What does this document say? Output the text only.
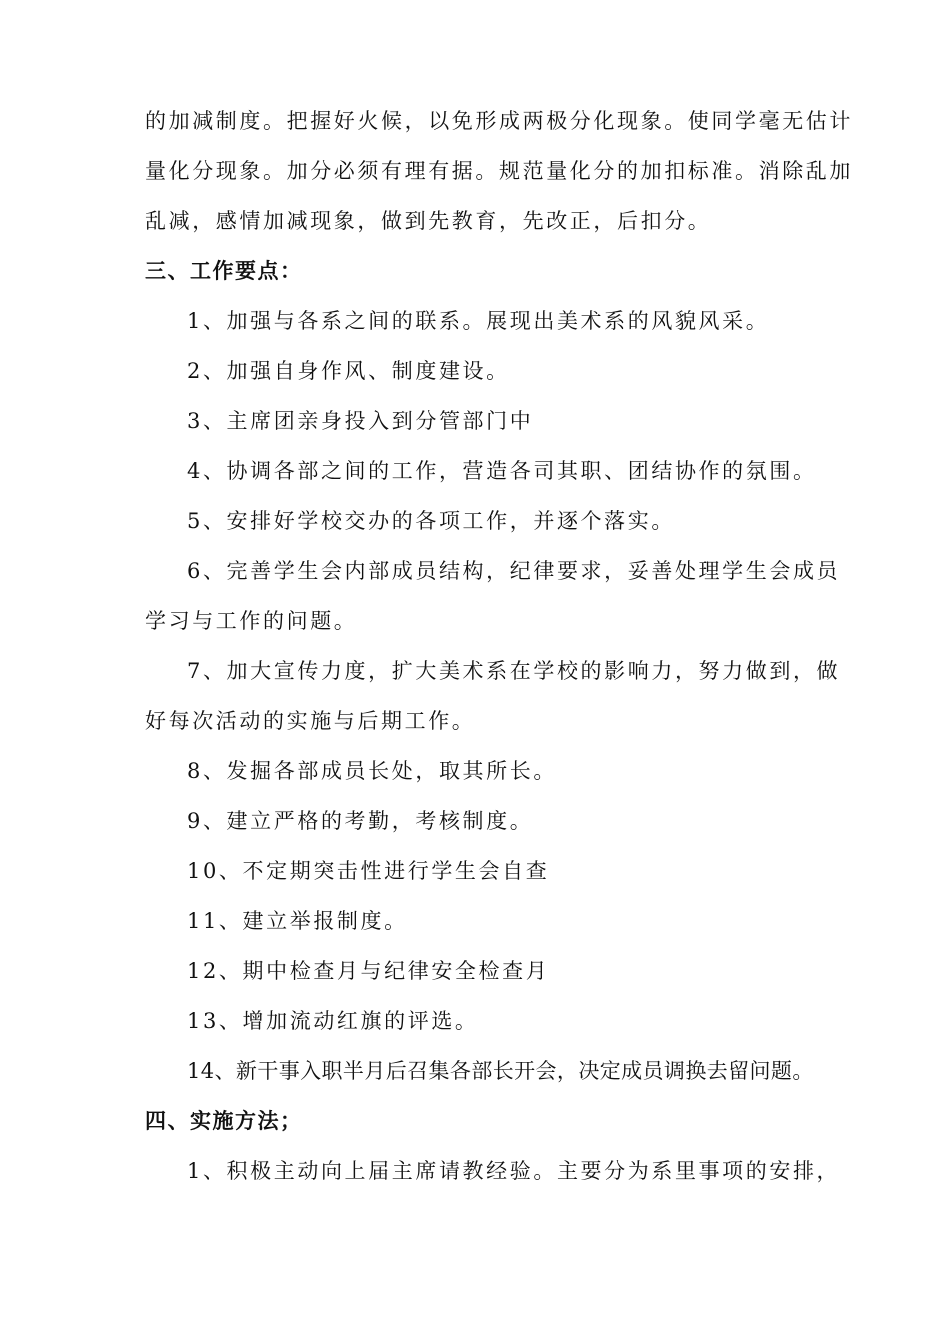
的加减制度。把握好火候，以免形成两极分化现象。使同学毫无估计
量化分现象。加分必须有理有据。规范量化分的加扣标准。消除乱加
乱减，感情加减现象，做到先教育，先改正，后扣分。
三、工作要点：
1、加强与各系之间的联系。展现出美术系的风貌风采。
2、加强自身作风、制度建设。
3、主席团亲身投入到分管部门中
4、协调各部之间的工作，营造各司其职、团结协作的氛围。
5、安排好学校交办的各项工作，并逐个落实。
6、完善学生会内部成员结构，纪律要求，妥善处理学生会成员
学习与工作的问题。
7、加大宣传力度，扩大美术系在学校的影响力，努力做到，做
好每次活动的实施与后期工作。
8、发掘各部成员长处，取其所长。
9、建立严格的考勤，考核制度。
10、不定期突击性进行学生会自查
11、建立举报制度。
12、期中检查月与纪律安全检查月
13、增加流动红旗的评选。
14、新干事入职半月后召集各部长开会，决定成员调换去留问题。
四、实施方法；
1、积极主动向上届主席请教经验。主要分为系里事项的安排，
